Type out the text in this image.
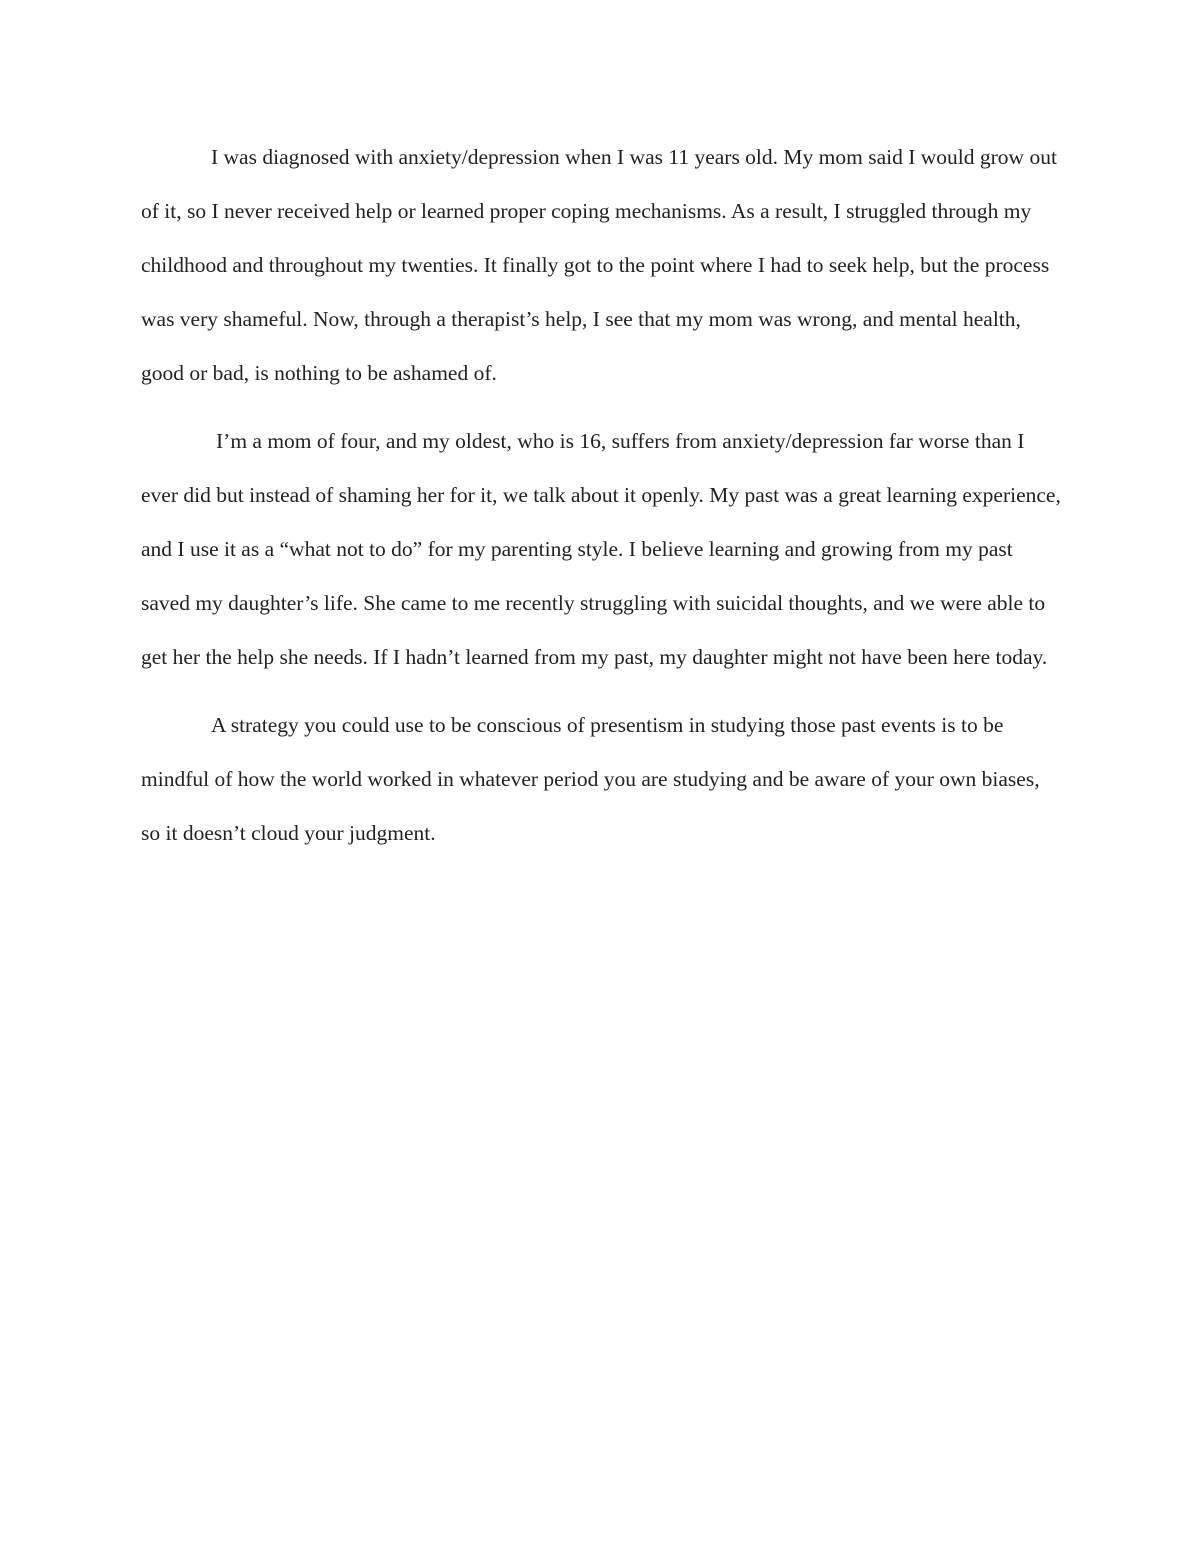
I was diagnosed with anxiety/depression when I was 11 years old. My mom said I would grow out of it, so I never received help or learned proper coping mechanisms. As a result, I struggled through my childhood and throughout my twenties. It finally got to the point where I had to seek help, but the process was very shameful. Now, through a therapist’s help, I see that my mom was wrong, and mental health, good or bad, is nothing to be ashamed of.

I’m a mom of four, and my oldest, who is 16, suffers from anxiety/depression far worse than I ever did but instead of shaming her for it, we talk about it openly. My past was a great learning experience, and I use it as a “what not to do” for my parenting style. I believe learning and growing from my past saved my daughter’s life. She came to me recently struggling with suicidal thoughts, and we were able to get her the help she needs. If I hadn’t learned from my past, my daughter might not have been here today.

A strategy you could use to be conscious of presentism in studying those past events is to be mindful of how the world worked in whatever period you are studying and be aware of your own biases, so it doesn’t cloud your judgment.
